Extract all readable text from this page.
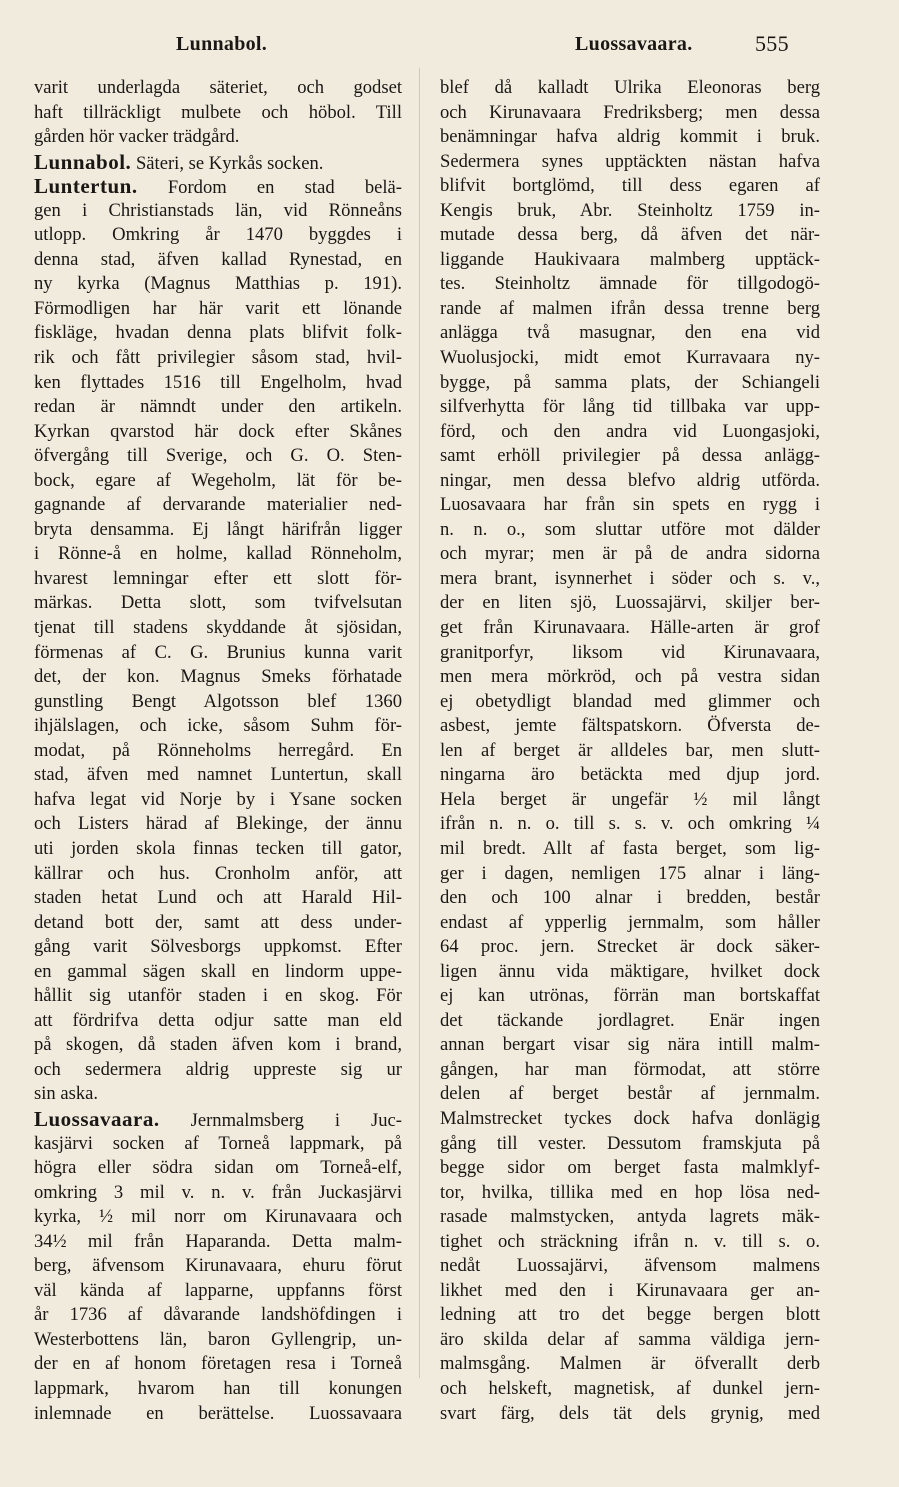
Lunnabol.	Luossavaara.	555
varit underlagda säteriet, och godset
haft tillräckligt mulbete och höbol. Till
gården hör vacker trädgård.
Lunnabol. Säteri, se Kyrkås socken.
Luntertun. Fordom en stad belä-
gen i Christianstads län, vid Rönneåns
utlopp. Omkring år 1470 byggdes i
denna stad, äfven kallad Rynestad, en
ny kyrka (Magnus Matthias p. 191).
Förmodligen har här varit ett lönande
fiskläge, hvadan denna plats blifvit folk-
rik och fått privilegier såsom stad, hvil-
ken flyttades 1516 till Engelholm, hvad
redan är nämndt under den artikeln.
Kyrkan qvarstod här dock efter Skånes
öfvergång till Sverige, och G. O. Sten-
bock, egare af Wegeholm, lät för be-
gagnande af dervarande materialier ned-
bryta densamma. Ej långt härifrån ligger
i Rönne-å en holme, kallad Rönneholm,
hvarest lemningar efter ett slott för-
märkas. Detta slott, som tvifvelsutan
tjenat till stadens skyddande åt sjösidan,
förmenas af C. G. Brunius kunna varit
det, der kon. Magnus Smeks förhatade
gunstling Bengt Algotsson blef 1360
ihjälslagen, och icke, såsom Suhm för-
modat, på Rönneholms herregård. En
stad, äfven med namnet Luntertun, skall
hafva legat vid Norje by i Ysane socken
och Listers härad af Blekinge, der ännu
uti jorden skola finnas tecken till gator,
källrar och hus. Cronholm anför, att
staden hetat Lund och att Harald Hil-
detand bott der, samt att dess under-
gång varit Sölvesborgs uppkomst. Efter
en gammal sägen skall en lindorm uppe-
hållit sig utanför staden i en skog. För
att fördrifva detta odjur satte man eld
på skogen, då staden äfven kom i brand,
och sedermera aldrig uppreste sig ur
sin aska.
Luossavaara. Jernmalmsberg i Juc-
kasjärvi socken af Torneå lappmark, på
högra eller södra sidan om Torneå-elf,
omkring 3 mil v. n. v. från Juckasjärvi
kyrka, ½ mil norr om Kirunavaara och
34½ mil från Haparanda. Detta malm-
berg, äfvensom Kirunavaara, ehuru förut
väl kända af lapparne, uppfanns först
år 1736 af dåvarande landshöfdingen i
Westerbottens län, baron Gyllengrip, un-
der en af honom företagen resa i Torneå
lappmark, hvarom han till konungen
inlemnade en berättelse. Luossavaara
blef då kalladt Ulrika Eleonoras berg
och Kirunavaara Fredriksberg; men dessa
benämningar hafva aldrig kommit i bruk.
Sedermera synes upptäckten nästan hafva
blifvit bortglömd, till dess egaren af
Kengis bruk, Abr. Steinholtz 1759 in-
mutade dessa berg, då äfven det när-
liggande Haukivaara malmberg upptäck-
tes. Steinholtz ämnade för tillgodogö-
rande af malmen ifrån dessa trenne berg
anlägga två masugnar, den ena vid
Wuolusjocki, midt emot Kurravaara ny-
bygge, på samma plats, der Schiangeli
silfverhytta för lång tid tillbaka var upp-
förd, och den andra vid Luongasjoki,
samt erhöll privilegier på dessa anlägg-
ningar, men dessa blefvo aldrig utförda.
Luosavaara har från sin spets en rygg i
n. n. o., som sluttar utföre mot dälder
och myrar; men är på de andra sidorna
mera brant, isynnerhet i söder och s. v.,
der en liten sjö, Luossajärvi, skiljer ber-
get från Kirunavaara. Hälle-arten är grof
granitporfyr, liksom vid Kirunavaara,
men mera mörkröd, och på vestra sidan
ej obetydligt blandad med glimmer och
asbest, jemte fältspatskorn. Öfversta de-
len af berget är alldeles bar, men slutt-
ningarna äro betäckta med djup jord.
Hela berget är ungefär ½ mil långt
ifrån n. n. o. till s. s. v. och omkring ¼
mil bredt. Allt af fasta berget, som lig-
ger i dagen, nemligen 175 alnar i läng-
den och 100 alnar i bredden, består
endast af ypperlig jernmalm, som håller
64 proc. jern. Strecket är dock säker-
ligen ännu vida mäktigare, hvilket dock
ej kan utrönas, förrän man bortskaffat
det täckande jordlagret. Enär ingen
annan bergart visar sig nära intill malm-
gången, har man förmodat, att större
delen af berget består af jernmalm.
Malmstrecket tyckes dock hafva donlägig
gång till vester. Dessutom framskjuta på
begge sidor om berget fasta malmklyf-
tor, hvilka, tillika med en hop lösa ned-
rasade malmstycken, antyda lagrets mäk-
tighet och sträckning ifrån n. v. till s. o.
nedåt Luossajärvi, äfvensom malmens
likhet med den i Kirunavaara ger an-
ledning att tro det begge bergen blott
äro skilda delar af samma väldiga jern-
malmsgång. Malmen är öfverallt derb
och helskeft, magnetisk, af dunkel jern-
svart färg, dels tät dels grynig, med
